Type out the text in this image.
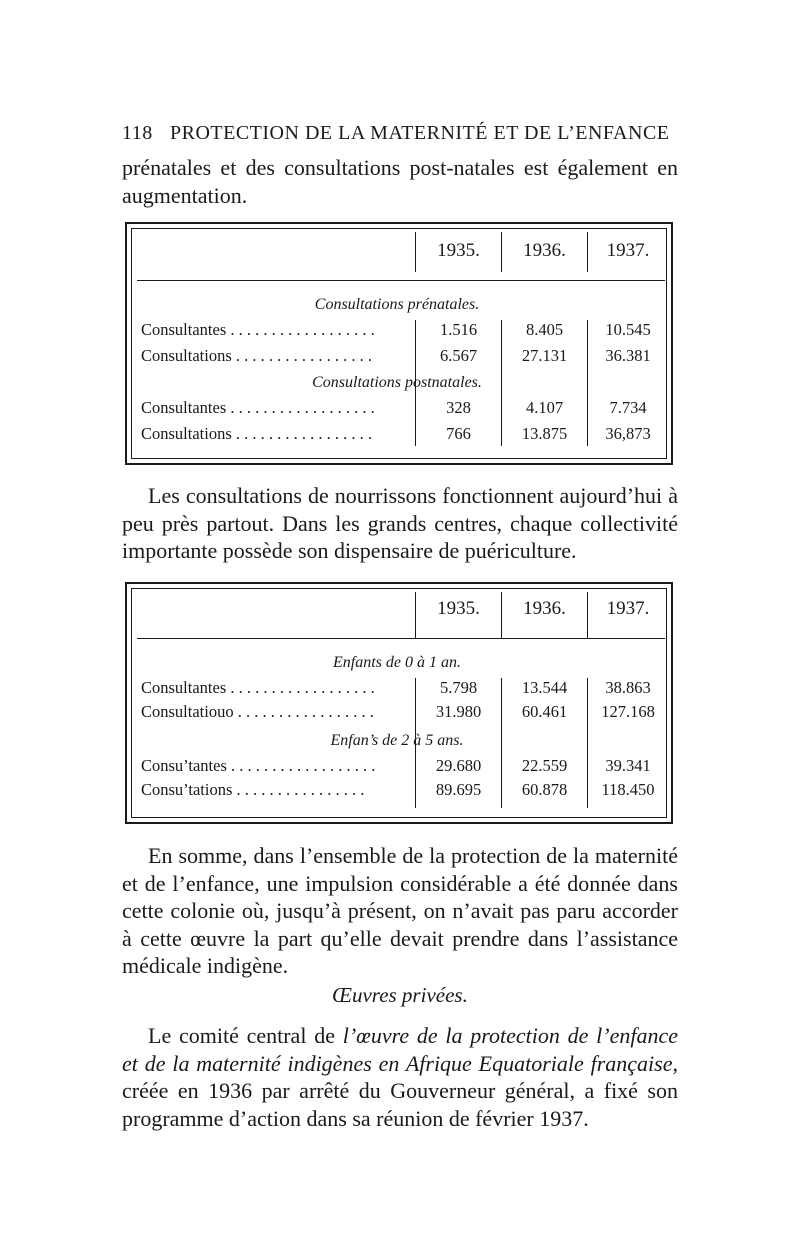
118 PROTECTION DE LA MATERNITÉ ET DE L’ENFANCE

prénatales et des consultations post-natales est également en augmentation.

1935.	1936.	1937.
Consultations prénatales.
Consultantes . . . . . . . . . . . . . . . . . .	1.516	8.405	10.545
Consultations . . . . . . . . . . . . . . . . .	6.567	27.131	36.381
Consultations postnatales.
Consultantes . . . . . . . . . . . . . . . . . .	328	4.107	7.734
Consultations . . . . . . . . . . . . . . . . .	766	13.875	36,873

Les consultations de nourrissons fonctionnent aujourd’hui à peu près partout. Dans les grands centres, chaque collectivité importante possède son dispensaire de puériculture.

1935.	1936.	1937.
Enfants de 0 à 1 an.
Consultantes . . . . . . . . . . . . . . . . . .	5.798	13.544	38.863
Consultatiouo . . . . . . . . . . . . . . . . .	31.980	60.461	127.168
Enfan’s de 2 à 5 ans.
Consu’tantes . . . . . . . . . . . . . . . . . .	29.680	22.559	39.341
Consu’tations . . . . . . . . . . . . . . . .	89.695	60.878	118.450

En somme, dans l’ensemble de la protection de la maternité et de l’enfance, une impulsion considérable a été donnée dans cette colonie où, jusqu’à présent, on n’avait pas paru accorder à cette œuvre la part qu’elle devait prendre dans l’assistance médicale indigène.

Œuvres privées.

Le comité central de l’œuvre de la protection de l’enfance et de la maternité indigènes en Afrique Equatoriale française, créée en 1936 par arrêté du Gouverneur général, a fixé son programme d’action dans sa réunion de février 1937.
